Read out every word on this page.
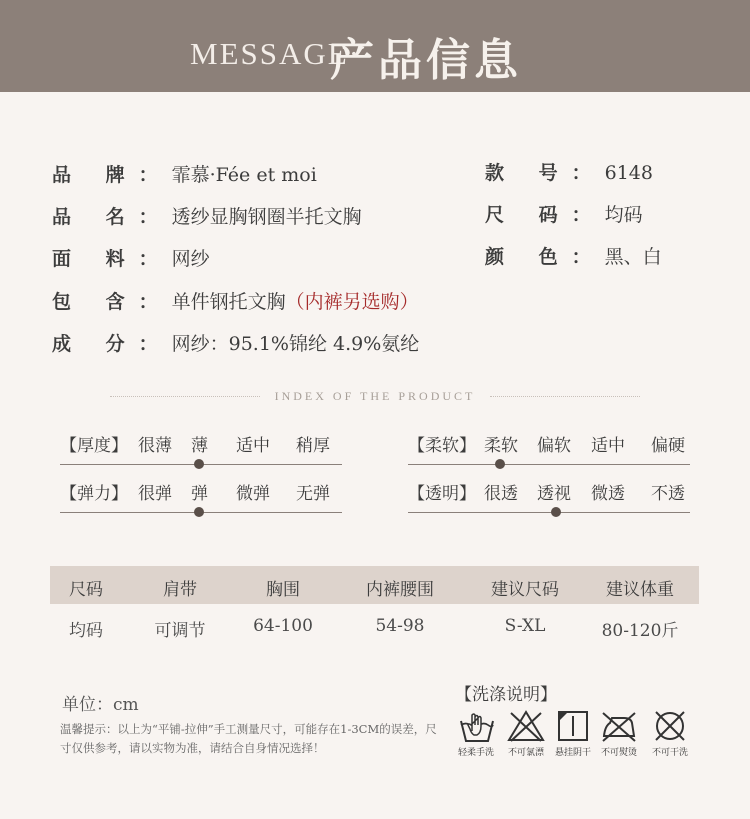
MESSAGE·
产品信息
品 牌：霏慕·Fée et moi
品 名：透纱显胸钢圈半托文胸
面 料：网纱
包 含：单件钢托文胸（内裤另选购）
成 分：网纱：95.1%锦纶 4.9%氨纶
款 号：6148
尺 码：均码
颜 色：黑、白
INDEX OF THE PRODUCT
【厚度】 很薄 薄 适中 稍厚	【柔软】 柔软 偏软 适中 偏硬
【弹力】 很弹 弹 微弹 无弹	【透明】 很透 透视 微透 不透
尺码	肩带	胸围	内裤腰围	建议尺码	建议体重
均码	可调节	64-100	54-98	S-XL	80-120斤
单位：cm
温馨提示：以上为“平铺-拉伸”手工测量尺寸，可能存在1-3CM的误差，尺寸仅供参考，请以实物为准，请结合自身情况选择！
【洗涤说明】
轻柔手洗	不可氯漂	悬挂阴干	不可熨烫	不可干洗
